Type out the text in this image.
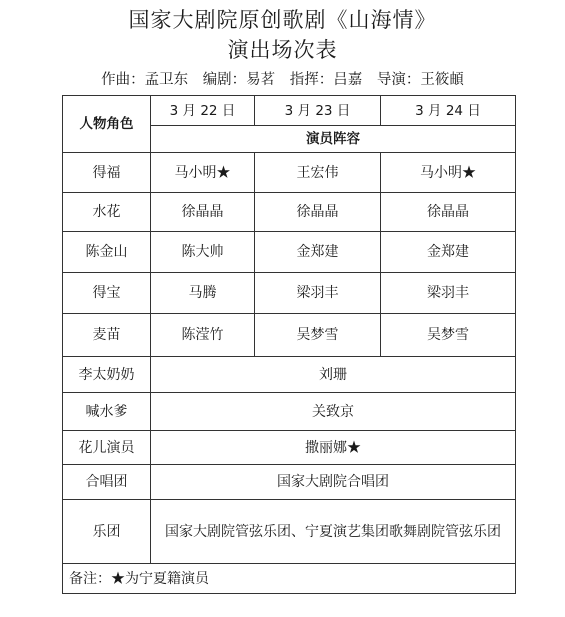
国家大剧院原创歌剧《山海情》
演出场次表
作曲：孟卫东 编剧：易茗 指挥：吕嘉 导演：王筱頔
人物角色	3 月 22 日	3 月 23 日	3 月 24 日
	演员阵容		
得福	马小明★	王宏伟	马小明★
水花	徐晶晶	徐晶晶	徐晶晶
陈金山	陈大帅	金郑建	金郑建
得宝	马腾	梁羽丰	梁羽丰
麦苗	陈滢竹	吴梦雪	吴梦雪
李太奶奶	刘珊		
喊水爹	关致京		
花儿演员	撒丽娜★		
合唱团	国家大剧院合唱团		
乐团	国家大剧院管弦乐团、宁夏演艺集团歌舞剧院管弦乐团		
备注：★为宁夏籍演员			
